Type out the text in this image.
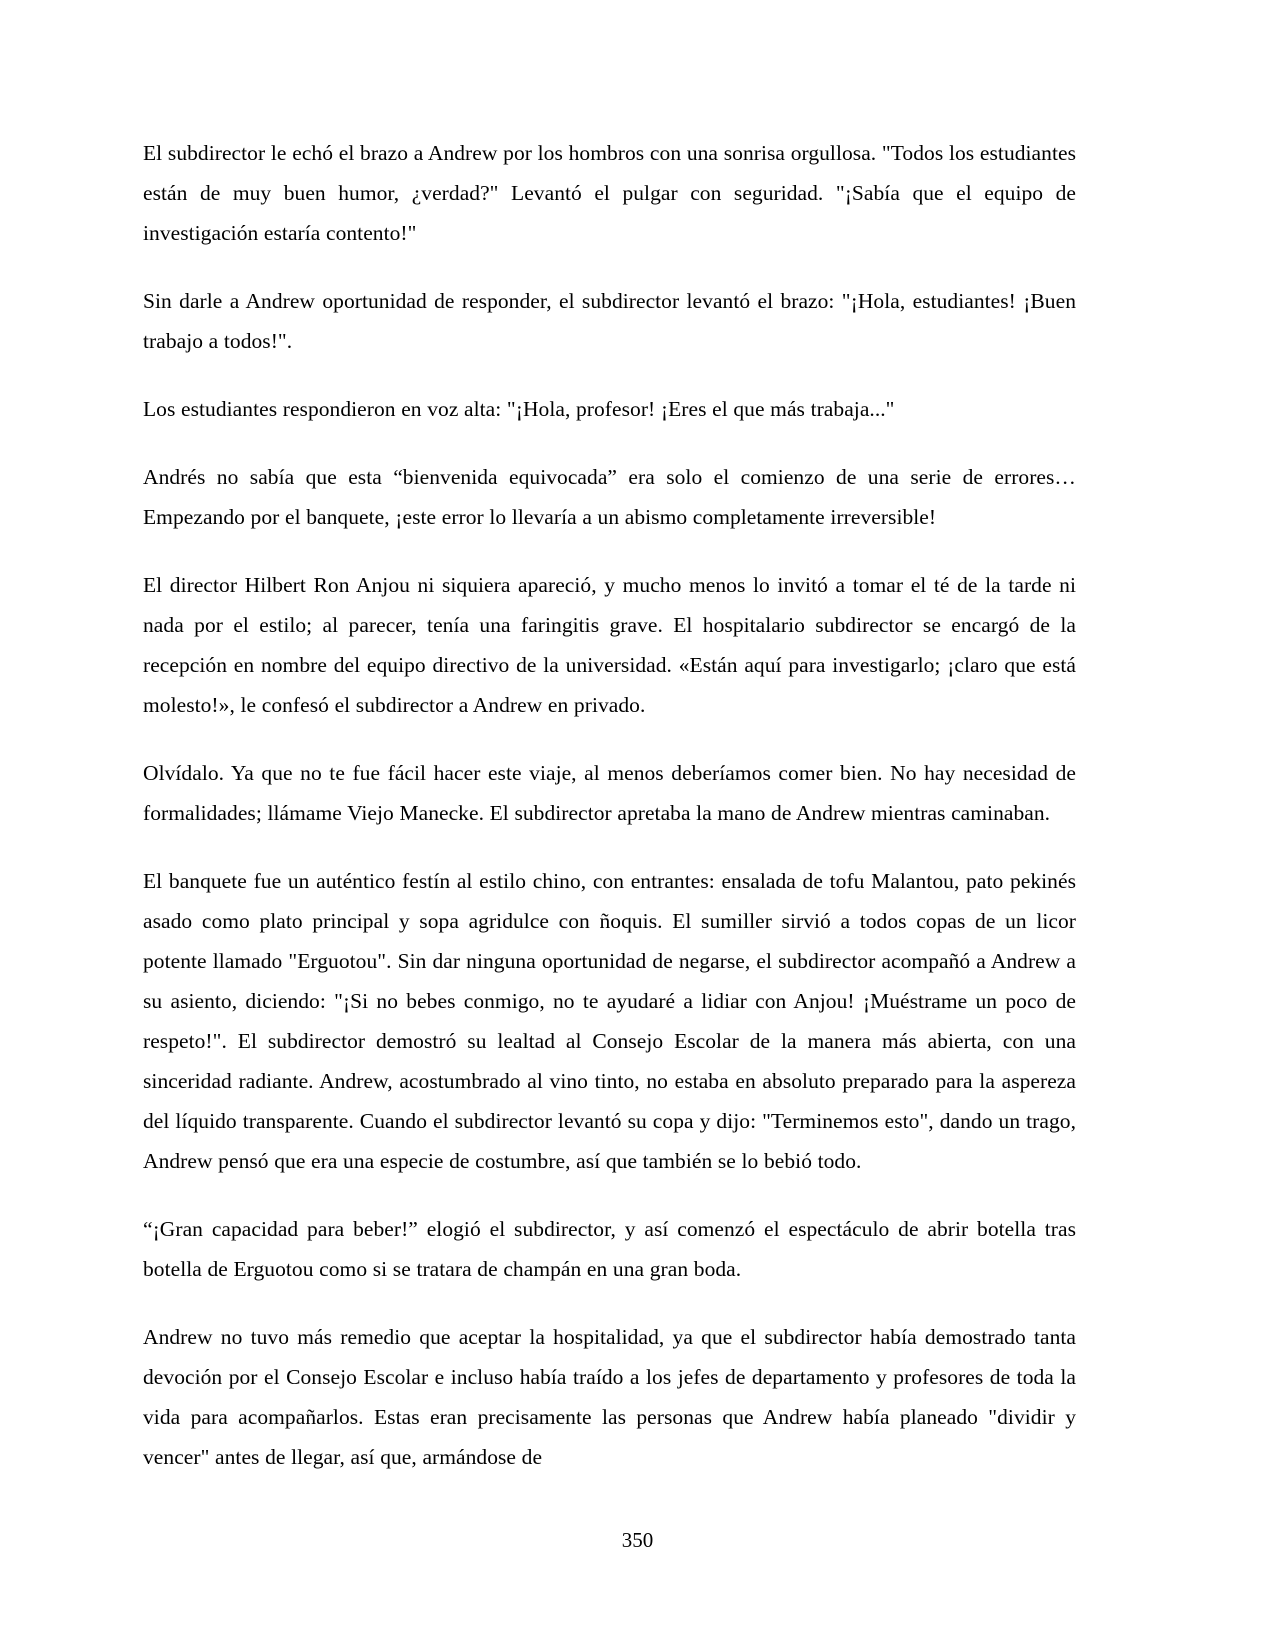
El subdirector le echó el brazo a Andrew por los hombros con una sonrisa orgullosa. "Todos los estudiantes están de muy buen humor, ¿verdad?" Levantó el pulgar con seguridad. "¡Sabía que el equipo de investigación estaría contento!"

Sin darle a Andrew oportunidad de responder, el subdirector levantó el brazo: "¡Hola, estudiantes! ¡Buen trabajo a todos!".

Los estudiantes respondieron en voz alta: "¡Hola, profesor! ¡Eres el que más trabaja..."

Andrés no sabía que esta “bienvenida equivocada” era solo el comienzo de una serie de errores… Empezando por el banquete, ¡este error lo llevaría a un abismo completamente irreversible!

El director Hilbert Ron Anjou ni siquiera apareció, y mucho menos lo invitó a tomar el té de la tarde ni nada por el estilo; al parecer, tenía una faringitis grave. El hospitalario subdirector se encargó de la recepción en nombre del equipo directivo de la universidad. «Están aquí para investigarlo; ¡claro que está molesto!», le confesó el subdirector a Andrew en privado.

Olvídalo. Ya que no te fue fácil hacer este viaje, al menos deberíamos comer bien. No hay necesidad de formalidades; llámame Viejo Manecke. El subdirector apretaba la mano de Andrew mientras caminaban.

El banquete fue un auténtico festín al estilo chino, con entrantes: ensalada de tofu Malantou, pato pekinés asado como plato principal y sopa agridulce con ñoquis. El sumiller sirvió a todos copas de un licor potente llamado "Erguotou". Sin dar ninguna oportunidad de negarse, el subdirector acompañó a Andrew a su asiento, diciendo: "¡Si no bebes conmigo, no te ayudaré a lidiar con Anjou! ¡Muéstrame un poco de respeto!". El subdirector demostró su lealtad al Consejo Escolar de la manera más abierta, con una sinceridad radiante. Andrew, acostumbrado al vino tinto, no estaba en absoluto preparado para la aspereza del líquido transparente. Cuando el subdirector levantó su copa y dijo: "Terminemos esto", dando un trago, Andrew pensó que era una especie de costumbre, así que también se lo bebió todo.

“¡Gran capacidad para beber!” elogió el subdirector, y así comenzó el espectáculo de abrir botella tras botella de Erguotou como si se tratara de champán en una gran boda.

Andrew no tuvo más remedio que aceptar la hospitalidad, ya que el subdirector había demostrado tanta devoción por el Consejo Escolar e incluso había traído a los jefes de departamento y profesores de toda la vida para acompañarlos. Estas eran precisamente las personas que Andrew había planeado "dividir y vencer" antes de llegar, así que, armándose de

350
